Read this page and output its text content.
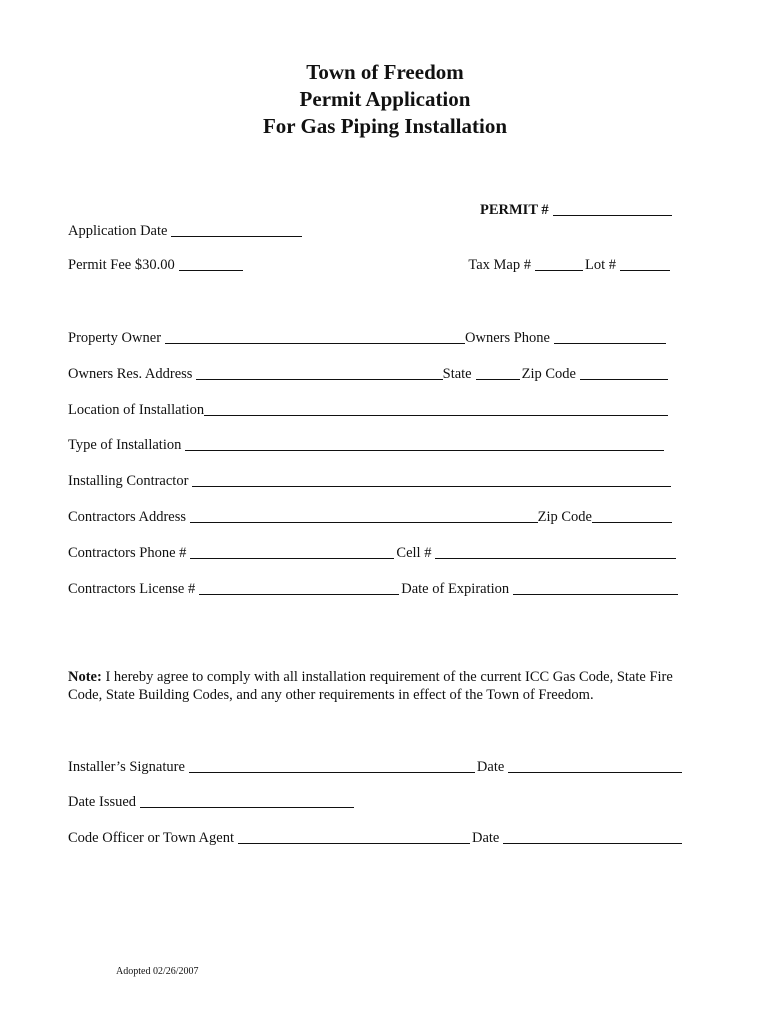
Town of Freedom
Permit Application
For Gas Piping Installation
PERMIT #
Application Date
Permit Fee $30.00	Tax Map #	Lot #
Property Owner	Owners Phone
Owners Res. Address	State	Zip Code
Location of Installation
Type of Installation
Installing Contractor
Contractors Address	Zip Code
Contractors Phone #	Cell #
Contractors License #	Date of Expiration
Note: I hereby agree to comply with all installation requirement of the current ICC Gas Code, State Fire Code, State Building Codes, and any other requirements in effect of the Town of Freedom.
Installer’s Signature	Date
Date Issued
Code Officer or Town Agent	Date
Adopted 02/26/2007
